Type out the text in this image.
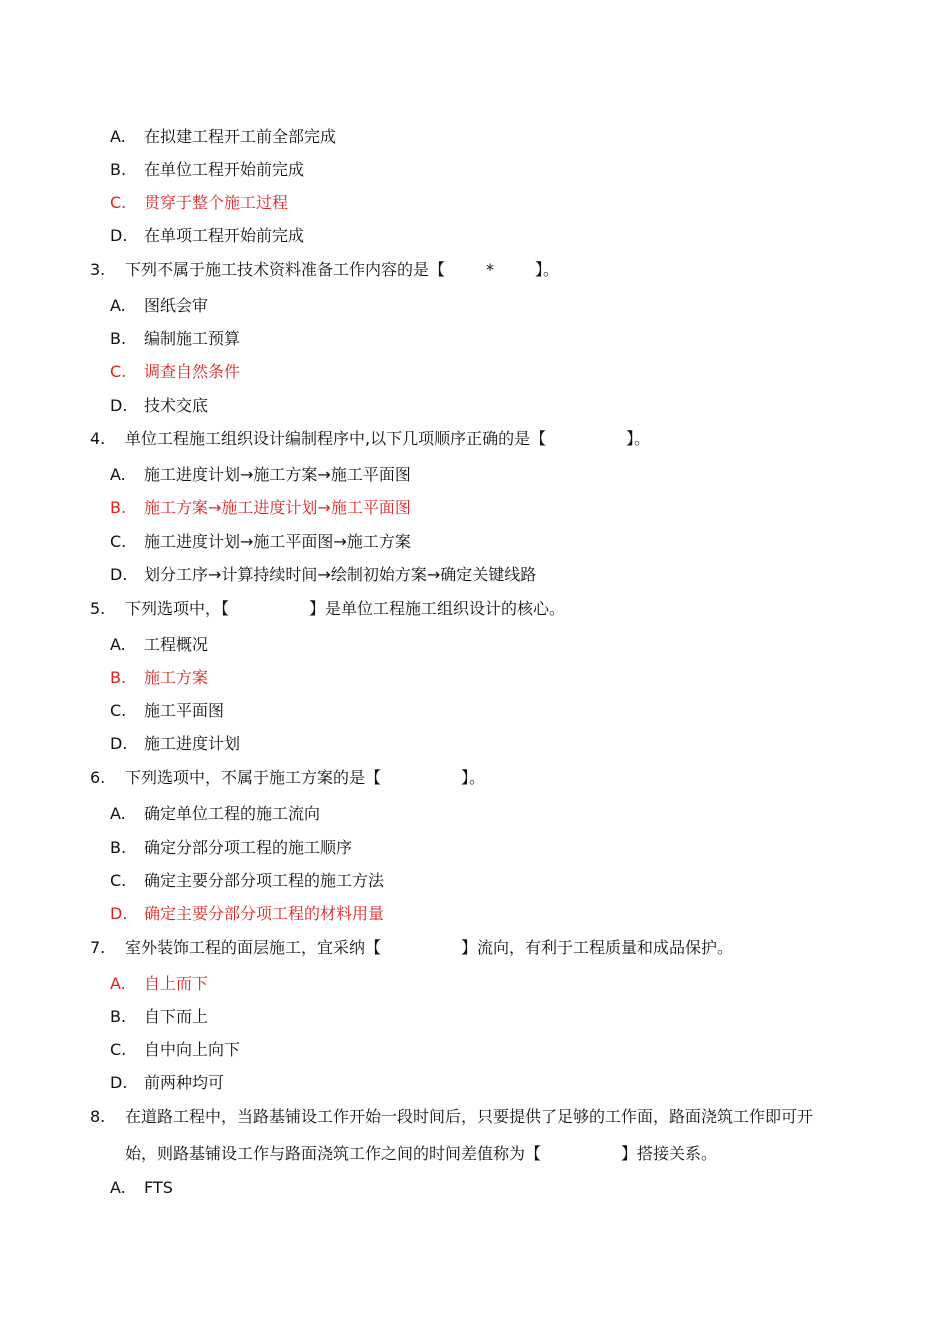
A. 在拟建工程开工前全部完成
B. 在单位工程开始前完成
C. 贯穿于整个施工过程
D. 在单项工程开始前完成
3. 下列不属于施工技术资料准备工作内容的是【	*	】。
A. 图纸会审
B. 编制施工预算
C. 调查自然条件
D. 技术交底
4. 单位工程施工组织设计编制程序中,以下几项顺序正确的是【　　　　　】。
A. 施工进度计划→施工方案→施工平面图
B. 施工方案→施工进度计划→施工平面图
C. 施工进度计划→施工平面图→施工方案
D. 划分工序→计算持续时间→绘制初始方案→确定关键线路
5. 下列选项中，【　　　　　】是单位工程施工组织设计的核心。
A. 工程概况
B. 施工方案
C. 施工平面图
D. 施工进度计划
6. 下列选项中，不属于施工方案的是【　　　　　】。
A. 确定单位工程的施工流向
B. 确定分部分项工程的施工顺序
C. 确定主要分部分项工程的施工方法
D. 确定主要分部分项工程的材料用量
7. 室外装饰工程的面层施工，宜采纳【　　　　　】流向，有利于工程质量和成品保护。
A. 自上而下
B. 自下而上
C. 自中向上向下
D. 前两种均可
8. 在道路工程中，当路基铺设工作开始一段时间后，只要提供了足够的工作面，路面浇筑工作即可开
始，则路基铺设工作与路面浇筑工作之间的时间差值称为【　　　　　】搭接关系。
A. FTS
